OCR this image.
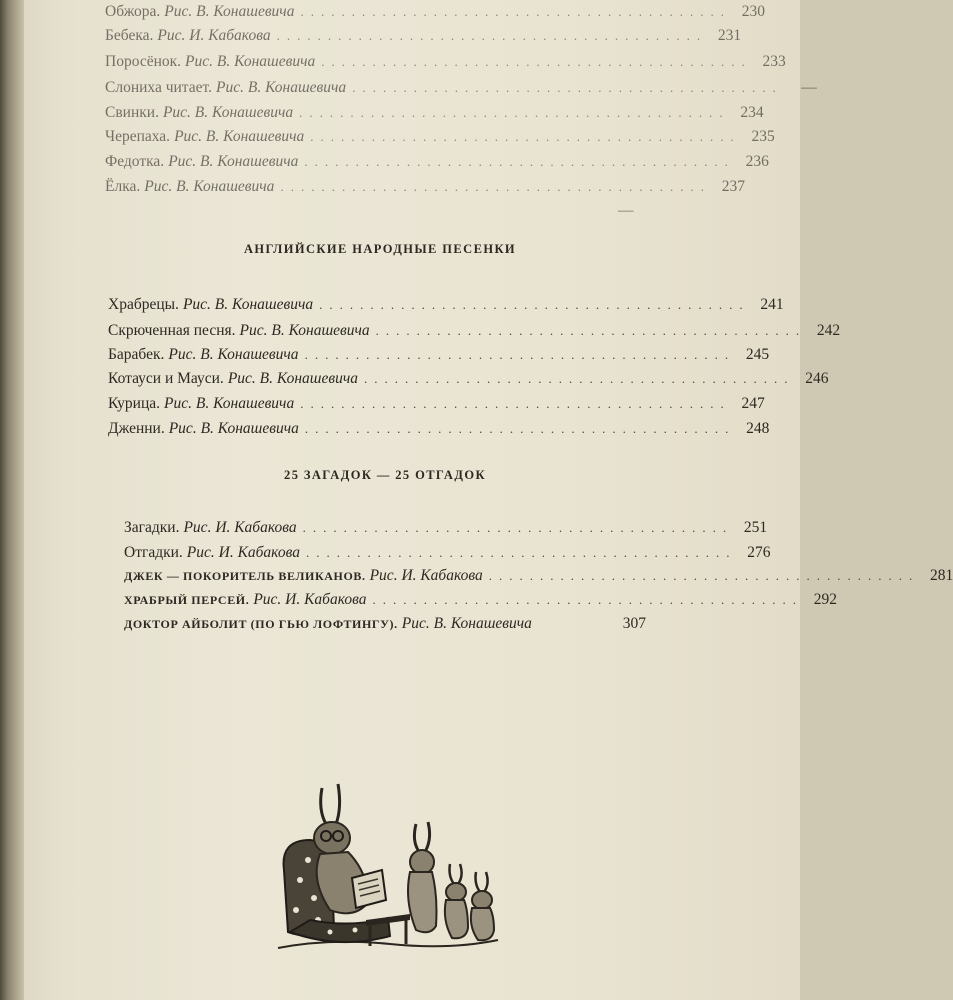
Обжора. Рис. В. Конашевича .......................................... 230
Бебека. Рис. И. Кабакова .......................................... 231
Поросёнок. Рис. В. Конашевича .......................................... 233
Слониха читает. Рис. В. Конашевича ..........................................	—
Свинки. Рис. В. Конашевича .......................................... 234
Черепаха. Рис. В. Конашевича .......................................... 235
Федотка. Рис. В. Конашевича .......................................... 236
Ёлка. Рис. В. Конашевича .......................................... 237
—
АНГЛИЙСКИЕ НАРОДНЫЕ ПЕСЕНКИ
Храбрецы. Рис. В. Конашевича .......................................... 241
Скрюченная песня. Рис. В. Конашевича .......................................... 242
Барабек. Рис. В. Конашевича .......................................... 245
Котауси и Мауси. Рис. В. Конашевича .......................................... 246
Курица. Рис. В. Конашевича .......................................... 247
Дженни. Рис. В. Конашевича .......................................... 248
25 ЗАГАДОК — 25 ОТГАДОК
Загадки. Рис. И. Кабакова .......................................... 251
Отгадки. Рис. И. Кабакова .......................................... 276
ДЖЕК — ПОКОРИТЕЛЬ ВЕЛИКАНОВ. Рис. И. Кабакова .......................................... 281
ХРАБРЫЙ ПЕРСЕЙ. Рис. И. Кабакова .......................................... 292
ДОКТОР АЙБОЛИТ (ПО ГЬЮ ЛОФТИНГУ). Рис. В. Конашевича	307
